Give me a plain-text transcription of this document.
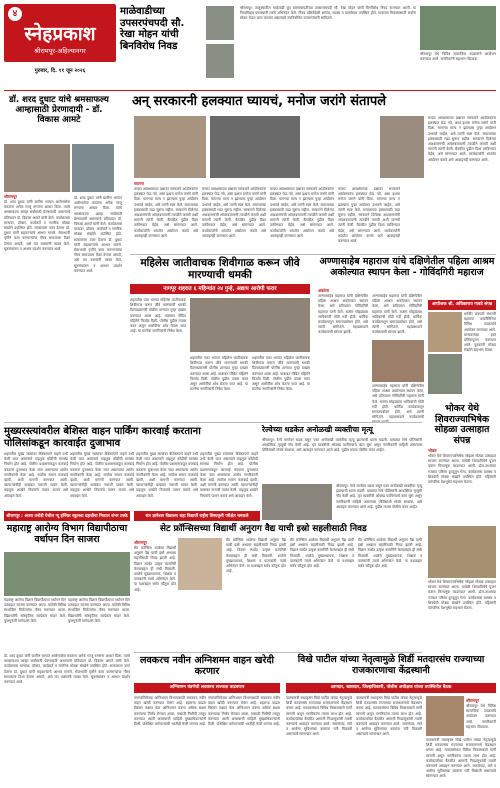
४
स्नेहप्रकाश
श्रीरामपूर-अहिल्यानगर
गुरुवार, दि. ११ जून २०२६
माळेवाडीच्या उपसरपंचपदी सौ. रेखा मोहन यांची बिनविरोध निवड
श्रीरामपूर: तालुक्यातील माळेवाडी ग्रुप ग्रामपंचायतीच्या उपसरपंचपदी सौ. रेखा मोहन यांची बिनविरोध निवड करण्यात आली. या निवडीबद्दल ग्रामस्थांनी त्यांचे अभिनंदन केले. निवड प्रक्रियेवेळी सरपंच, सदस्य व ग्रामसेवक उपस्थित होते. गावाच्या विकासासाठी सर्वांना सोबत घेऊन काम करणार असल्याचे नवनिर्वाचित उपसरपंचांनी सांगितले.
श्रीरामपूर येथे विविध सामाजिक उपक्रमांचे आयोजन करण्यात आले. नागरिकांनी सहभाग नोंदवावा.
डॉ. शरद दुधाट यांचे श्रमसाफल्य आम्हासाठी प्रेरणादायी - डॉ. विकास आमटे
श्रीरामपूर
डॉ. शरद दुधाट यांनी ग्रामीण भागात आरोग्यसेवा करताना अनेक गरजू रुग्णांना आधार दिला. त्यांचे श्रमसाफल्य आम्हा सर्वांसाठी प्रेरणादायी असल्याचे प्रतिपादन डॉ. विकास आमटे यांनी केले. कार्यक्रमास मान्यवर, डॉक्टर, कार्यकर्ते व नागरिक मोठ्या संख्येने उपस्थित होते. सत्काराला उत्तर देताना डॉ. दुधाट यांनी सहकाऱ्यांचे आभार मानले. सेवाभावी वृत्तीने काम करणाऱ्यांचा गौरव समाजाला दिशा देणारा असतो, असे मत वक्त्यांनी व्यक्त केले. सूत्रसंचालन व आभार प्रदर्शन करण्यात आले.
डॉ. शरद दुधाट यांनी ग्रामीण भागात आरोग्यसेवा करताना अनेक गरजू रुग्णांना आधार दिला. त्यांचे श्रमसाफल्य आम्हा सर्वांसाठी प्रेरणादायी असल्याचे प्रतिपादन डॉ. विकास आमटे यांनी केले. कार्यक्रमास मान्यवर, डॉक्टर, कार्यकर्ते व नागरिक मोठ्या संख्येने उपस्थित होते. सत्काराला उत्तर देताना डॉ. दुधाट यांनी सहकाऱ्यांचे आभार मानले. सेवाभावी वृत्तीने काम करणाऱ्यांचा गौरव समाजाला दिशा देणारा असतो, असे मत वक्त्यांनी व्यक्त केले. सूत्रसंचालन व आभार प्रदर्शन करण्यात आले.
अन् सरकारनी हलक्यात घ्यायचं, मनोज जरांगे संतापले
जालना
मराठा आरक्षणाच्या प्रश्नावर सरकारने आंदोलकांना हलक्यात घेऊ नये, असा इशारा मनोज जरांगे यांनी दिला. मागण्या मान्य न झाल्यास पुन्हा आंदोलन उभारले जाईल, असे त्यांनी स्पष्ट केले. समाजाच्या हक्कासाठी लढा सुरूच राहील. सरकारने दिलेल्या आश्वासनांची अंमलबजावणी तातडीने करावी अशी मागणी त्यांनी केली. बैठकीत पुढील दिशा ठरविण्यात येईल, असे सांगण्यात आले. कार्यकर्त्यांनी शांततेत आंदोलन करावे असे आवाहनही करण्यात आले.
मराठा आरक्षणाच्या प्रश्नावर सरकारने आंदोलकांना हलक्यात घेऊ नये, असा इशारा मनोज जरांगे यांनी दिला. मागण्या मान्य न झाल्यास पुन्हा आंदोलन उभारले जाईल, असे त्यांनी स्पष्ट केले. समाजाच्या हक्कासाठी लढा सुरूच राहील. सरकारने दिलेल्या आश्वासनांची अंमलबजावणी तातडीने करावी अशी मागणी त्यांनी केली. बैठकीत पुढील दिशा ठरविण्यात येईल, असे सांगण्यात आले. कार्यकर्त्यांनी शांततेत आंदोलन करावे असे आवाहनही करण्यात आले.
मराठा आरक्षणाच्या प्रश्नावर सरकारने आंदोलकांना हलक्यात घेऊ नये, असा इशारा मनोज जरांगे यांनी दिला. मागण्या मान्य न झाल्यास पुन्हा आंदोलन उभारले जाईल, असे त्यांनी स्पष्ट केले. समाजाच्या हक्कासाठी लढा सुरूच राहील. सरकारने दिलेल्या आश्वासनांची अंमलबजावणी तातडीने करावी अशी मागणी त्यांनी केली. बैठकीत पुढील दिशा ठरविण्यात येईल, असे सांगण्यात आले. कार्यकर्त्यांनी शांततेत आंदोलन करावे असे आवाहनही करण्यात आले.
मराठा आरक्षणाच्या प्रश्नावर सरकारने आंदोलकांना हलक्यात घेऊ नये, असा इशारा मनोज जरांगे यांनी दिला. मागण्या मान्य न झाल्यास पुन्हा आंदोलन उभारले जाईल, असे त्यांनी स्पष्ट केले. समाजाच्या हक्कासाठी लढा सुरूच राहील. सरकारने दिलेल्या आश्वासनांची अंमलबजावणी तातडीने करावी अशी मागणी त्यांनी केली. बैठकीत पुढील दिशा ठरविण्यात येईल, असे सांगण्यात आले. कार्यकर्त्यांनी शांततेत आंदोलन करावे असे आवाहनही करण्यात आले.
मराठा आरक्षणाच्या प्रश्नावर सरकारने आंदोलकांना हलक्यात घेऊ नये, असा इशारा मनोज जरांगे यांनी दिला. मागण्या मान्य न झाल्यास पुन्हा आंदोलन उभारले जाईल, असे त्यांनी स्पष्ट केले. समाजाच्या हक्कासाठी लढा सुरूच राहील. सरकारने दिलेल्या आश्वासनांची अंमलबजावणी तातडीने करावी अशी मागणी त्यांनी केली. बैठकीत पुढील दिशा ठरविण्यात येईल, असे सांगण्यात आले. कार्यकर्त्यांनी शांततेत आंदोलन करावे असे आवाहनही करण्यात आले.
महिलेस जातीवाचक शिवीगाळ करून जीवे मारण्याची धमकी
नागपूर शहरात ६ महिन्यांत २४ गुन्हे, अद्याप आरोपी फरार
शहरातील एका भागात महिलेस जातीवाचक शिवीगाळ करून जीवे मारण्याची धमकी दिल्याप्रकरणी पोलीस ठाण्यात गुन्हा दाखल करण्यात आला आहे. याबाबत पीडित महिलेने फिर्याद दिली. पोलीस पुढील तपास करत असून आरोपींचा शोध घेतला जात आहे. या घटनेचा नागरिकांनी निषेध केला.
शहरातील एका भागात महिलेस जातीवाचक शिवीगाळ करून जीवे मारण्याची धमकी दिल्याप्रकरणी पोलीस ठाण्यात गुन्हा दाखल करण्यात आला आहे. याबाबत पीडित महिलेने फिर्याद दिली. पोलीस पुढील तपास करत असून आरोपींचा शोध घेतला जात आहे. या घटनेचा नागरिकांनी निषेध केला.
शहरातील एका भागात महिलेस जातीवाचक शिवीगाळ करून जीवे मारण्याची धमकी दिल्याप्रकरणी पोलीस ठाण्यात गुन्हा दाखल करण्यात आला आहे. याबाबत पीडित महिलेने फिर्याद दिली. पोलीस पुढील तपास करत असून आरोपींचा शोध घेतला जात आहे. या घटनेचा नागरिकांनी निषेध केला.
अण्णासाहेब महाराज यांचे दक्षिणेतील पहिला आश्रम अकोल्यात स्थापन केला - गोविंदगिरी महाराज
अकोला
अण्णासाहेब महाराज यांनी दक्षिणेतील पहिला आश्रम अकोल्यात स्थापन केला, असे प्रतिपादन गोविंदगिरी महाराज यांनी केले. सत्संग सोहळ्यास भाविकांची मोठी गर्दी होती. धार्मिक कार्यक्रमातून समाजप्रबोधन होते, असे त्यांनी सांगितले. महाप्रसादाने कार्यक्रमाची सांगता झाली.
अण्णासाहेब महाराज यांनी दक्षिणेतील पहिला आश्रम अकोल्यात स्थापन केला, असे प्रतिपादन गोविंदगिरी महाराज यांनी केले. सत्संग सोहळ्यास भाविकांची मोठी गर्दी होती. धार्मिक कार्यक्रमातून समाजप्रबोधन होते, असे त्यांनी सांगितले. महाप्रसादाने कार्यक्रमाची सांगता झाली.
अण्णासाहेब महाराज यांनी दक्षिणेतील पहिला आश्रम अकोल्यात स्थापन केला, असे प्रतिपादन गोविंदगिरी महाराज यांनी केले. सत्संग सोहळ्यास भाविकांची मोठी गर्दी होती. धार्मिक कार्यक्रमातून समाजप्रबोधन होते, असे त्यांनी सांगितले. महाप्रसादाने कार्यक्रमाची
आयोजक श्री. अधिकाराय गावडे संपन्न
धर्मवीर छत्रपती संभाजी महाराज जयंतीनिमित्त विविध उपक्रमांचे आयोजन करण्यात आले. मान्यवरांच्या हस्ते प्रतिमापूजन करण्यात आले. युवकांनी मोठ्या संख्येने सहभाग घेतला.
भोकर येथे शिवराज्याभिषेक सोहळा उत्साहात संपन्न
भोकर
भोकर येथे शिवराज्याभिषेक सोहळा मोठ्या उत्साहात साजरा करण्यात आला. यावेळी शिवप्रतिमेचे पूजन करून मिरवणूक काढण्यात आली. ढोल-ताशांच्या गजरात परिसर दुमदुमून गेला. कार्यक्रमास ग्रामस्थ व शिवप्रेमी मोठ्या संख्येने उपस्थित होते. महिलांनी पारंपरिक वेशभूषेत सहभाग घेतला.
भोकर येथे शिवराज्याभिषेक सोहळा मोठ्या उत्साहात साजरा करण्यात आला. यावेळी शिवप्रतिमेचे पूजन करून मिरवणूक काढण्यात आली. ढोल-ताशांच्या गजरात परिसर दुमदुमून गेला. कार्यक्रमास ग्रामस्थ व शिवप्रेमी मोठ्या संख्येने उपस्थित होते. महिलांनी पारंपरिक वेशभूषेत सहभाग घेतला.
मुख्यरस्त्यांवरील बेशिस्त वाहन पार्किंग कारवाई करताना पोलिसांकडून कारवाईत दुजाभाव
शहरातील मुख्य रस्त्यांवर बेशिस्तपणे वाहने उभी केली जात असल्याने वाहतूक कोंडीची समस्या निर्माण होत आहे. पोलीस प्रशासनाकडून कारवाई करताना दुजाभाव केला जात असल्याचा आरोप नागरिकांनी केला आहे. सर्वांवर समान कारवाई व्हावी, अशी मागणी करण्यात आली. व्यापाऱ्यांनीही याबाबत नाराजी व्यक्त केली. वाहतूक शाखेने नियमांचे पालन करावे असे आवाहन केले.
शहरातील मुख्य रस्त्यांवर बेशिस्तपणे वाहने उभी केली जात असल्याने वाहतूक कोंडीची समस्या निर्माण होत आहे. पोलीस प्रशासनाकडून कारवाई करताना दुजाभाव केला जात असल्याचा आरोप नागरिकांनी केला आहे. सर्वांवर समान कारवाई व्हावी, अशी मागणी करण्यात आली. व्यापाऱ्यांनीही याबाबत नाराजी व्यक्त केली. वाहतूक शाखेने नियमांचे पालन करावे असे आवाहन केले.
शहरातील मुख्य रस्त्यांवर बेशिस्तपणे वाहने उभी केली जात असल्याने वाहतूक कोंडीची समस्या निर्माण होत आहे. पोलीस प्रशासनाकडून कारवाई करताना दुजाभाव केला जात असल्याचा आरोप नागरिकांनी केला आहे. सर्वांवर समान कारवाई व्हावी, अशी मागणी करण्यात आली. व्यापाऱ्यांनीही याबाबत नाराजी व्यक्त केली. वाहतूक शाखेने नियमांचे पालन करावे असे आवाहन केले.
शहरातील मुख्य रस्त्यांवर बेशिस्तपणे वाहने उभी केली जात असल्याने वाहतूक कोंडीची समस्या निर्माण होत आहे. पोलीस प्रशासनाकडून कारवाई करताना दुजाभाव केला जात असल्याचा आरोप नागरिकांनी केला आहे. सर्वांवर समान कारवाई व्हावी, अशी मागणी करण्यात आली. व्यापाऱ्यांनीही याबाबत नाराजी व्यक्त केली. वाहतूक शाखेने नियमांचे पालन करावे असे आवाहन केले.
रेल्वेच्या धडकेत अनोळखी व्यक्तीचा मृत्यू
श्रीरामपूर: रेल्वे मार्गावर धडक बसून एका अनोळखी व्यक्तीचा मृत्यू झाल्याची घटना घडली. याबाबत रेल्वे पोलिसांनी आकस्मिक मृत्यूची नोंद केली आहे. मृत व्यक्तीची ओळख पटविण्याचे काम सुरू असून नागरिकांनी माहिती असल्यास पोलिसांशी संपर्क साधावा, असे आवाहन करण्यात आले आहे. पुढील तपास पोलीस करत आहेत.
श्रीरामपूर: रेल्वे मार्गावर धडक बसून एका अनोळखी व्यक्तीचा मृत्यू झाल्याची घटना घडली. याबाबत रेल्वे पोलिसांनी आकस्मिक मृत्यूची नोंद केली आहे. मृत व्यक्तीची ओळख पटविण्याचे काम सुरू असून नागरिकांनी माहिती असल्यास पोलिसांशी संपर्क साधावा, असे आवाहन करण्यात आले आहे. पुढील तपास पोलीस करत आहेत.
श्रीरामपूर : अजय वनोंडी येथील न्यू इंग्लिश स्कूलचा दहावीचा निकाल शंभर टक्के
महाराष्ट्र आरोग्य विभाग विद्यापीठाचा वर्धापन दिन साजरा
महाराष्ट्र आरोग्य विज्ञान विद्यापीठाचा वर्धापन दिन उत्साहात साजरा करण्यात आला. यावेळी विविध स्पर्धांतील विजेत्यांचा गौरव करण्यात आला. विद्यार्थ्यांनी सांस्कृतिक कार्यक्रम सादर केले. कुलगुरूंनी मार्गदर्शन केले.
महाराष्ट्र आरोग्य विज्ञान विद्यापीठाचा वर्धापन दिन उत्साहात साजरा करण्यात आला. यावेळी विविध स्पर्धांतील विजेत्यांचा गौरव करण्यात आला. विद्यार्थ्यांनी सांस्कृतिक कार्यक्रम सादर केले. कुलगुरूंनी मार्गदर्शन केले.
संत ज्ञानेश्वर विद्यालय सहा विद्यार्थी राष्ट्रीय शिष्यवृत्ती परीक्षेत चमकले
सेट फ्रॉन्सिसच्या विद्यार्थी अनुराग वैद्य याची इस्रो सहलीसाठी निवड
श्रीरामपूर
सेंट फ्रॉन्सिस शाळेचा विद्यार्थी अनुराग वैद्य याची इस्रो अभ्यास सहलीसाठी निवड झाली आहे. विज्ञान स्पर्धेत उत्कृष्ट कामगिरी केल्याबद्दल ही संधी मिळाली. शाळेचे मुख्याध्यापक, शिक्षक व पालकांनी त्याचे अभिनंदन केले. या यशाबद्दल सर्वत्र कौतुक होत आहे.
सेंट फ्रॉन्सिस शाळेचा विद्यार्थी अनुराग वैद्य याची इस्रो अभ्यास सहलीसाठी निवड झाली आहे. विज्ञान स्पर्धेत उत्कृष्ट कामगिरी केल्याबद्दल ही संधी मिळाली. शाळेचे मुख्याध्यापक, शिक्षक व पालकांनी त्याचे अभिनंदन केले. या यशाबद्दल सर्वत्र कौतुक होत आहे.
सेंट फ्रॉन्सिस शाळेचा विद्यार्थी अनुराग वैद्य याची इस्रो अभ्यास सहलीसाठी निवड झाली आहे. विज्ञान स्पर्धेत उत्कृष्ट कामगिरी केल्याबद्दल ही संधी मिळाली. शाळेचे मुख्याध्यापक, शिक्षक व पालकांनी त्याचे अभिनंदन केले. या यशाबद्दल सर्वत्र कौतुक होत आहे.
सेंट फ्रॉन्सिस शाळेचा विद्यार्थी अनुराग वैद्य याची इस्रो अभ्यास सहलीसाठी निवड झाली आहे. विज्ञान स्पर्धेत उत्कृष्ट कामगिरी केल्याबद्दल ही संधी मिळाली. शाळेचे मुख्याध्यापक, शिक्षक व पालकांनी त्याचे अभिनंदन केले. या यशाबद्दल सर्वत्र कौतुक होत आहे.
लवकरच नवीन अग्निशमन वाहन खरेदी करणार
अग्निशमन यंत्रणेची लवकरच सज्जता वाढवणार
नगरपालिकेच्या अग्निशमन विभागासाठी लवकरच नवीन वाहन खरेदी करण्यात येणार आहे. शहराचा वाढता विस्तार लक्षात घेता अग्निशमन यंत्रणा अधिक सक्षम करण्याचा निर्णय घेण्यात आला. यासाठी निधीची तरतूद करण्यात आली असल्याची माहिती मुख्याधिकाऱ्यांनी दिली. प्रशिक्षित कर्मचाऱ्यांची भरतीही केली जाणार आहे.
नगरपालिकेच्या अग्निशमन विभागासाठी लवकरच नवीन वाहन खरेदी करण्यात येणार आहे. शहराचा वाढता विस्तार लक्षात घेता अग्निशमन यंत्रणा अधिक सक्षम करण्याचा निर्णय घेण्यात आला. यासाठी निधीची तरतूद करण्यात आली असल्याची माहिती मुख्याधिकाऱ्यांनी दिली. प्रशिक्षित कर्मचाऱ्यांची भरतीही केली जाणार आहे.
विखे पाटील यांच्या नेतृत्वामुळे शिर्डी मतदारसंघ राज्याच्या राजकारणाचा केंद्रस्थानी
आमदार, खासदार, जिल्हाधिकारी, पोलीस अधीक्षक यांच्या उपस्थितीत बैठक
पालकमंत्री राधाकृष्ण विखे पाटील यांच्या नेतृत्वामुळे शिर्डी मतदारसंघ राज्याच्या राजकारणाचे केंद्रस्थान बनला आहे. मतदारसंघात विविध विकासकामे मार्गी लागली असून नागरिकांना त्याचा लाभ होत आहे. कार्यकर्त्यांच्या बैठकीत आगामी निवडणुकांची तयारी करण्याचे आवाहन करण्यात आले. जलसंपदा, रस्ते व आरोग्य सुविधांच्या कामांना गती मिळाली असल्याचे सांगण्यात आले.
पालकमंत्री राधाकृष्ण विखे पाटील यांच्या नेतृत्वामुळे शिर्डी मतदारसंघ राज्याच्या राजकारणाचे केंद्रस्थान बनला आहे. मतदारसंघात विविध विकासकामे मार्गी लागली असून नागरिकांना त्याचा लाभ होत आहे. कार्यकर्त्यांच्या बैठकीत आगामी निवडणुकांची तयारी करण्याचे आवाहन करण्यात आले. जलसंपदा, रस्ते व आरोग्य सुविधांच्या कामांना गती मिळाली असल्याचे सांगण्यात आले.
श्रीरामपूर
श्रीरामपूर येथे विविध सामाजिक उपक्रमांचे आयोजन करण्यात आले. नागरिकांनी सहभाग नोंदवावा.
पालकमंत्री राधाकृष्ण विखे पाटील यांच्या नेतृत्वामुळे शिर्डी मतदारसंघ राज्याच्या राजकारणाचे केंद्रस्थान बनला आहे. मतदारसंघात विविध विकासकामे मार्गी लागली असून नागरिकांना त्याचा लाभ होत आहे. कार्यकर्त्यांच्या बैठकीत आगामी निवडणुकांची तयारी करण्याचे आवाहन करण्यात आले. जलसंपदा, रस्ते व आरोग्य सुविधांच्या कामांना गती मिळाली असल्याचे सांगण्यात आले.
डॉ. शरद दुधाट यांनी ग्रामीण भागात आरोग्यसेवा करताना अनेक गरजू रुग्णांना आधार दिला. त्यांचे श्रमसाफल्य आम्हा सर्वांसाठी प्रेरणादायी असल्याचे प्रतिपादन डॉ. विकास आमटे यांनी केले. कार्यक्रमास मान्यवर, डॉक्टर, कार्यकर्ते व नागरिक मोठ्या संख्येने उपस्थित होते. सत्काराला उत्तर देताना डॉ. दुधाट यांनी सहकाऱ्यांचे आभार मानले. सेवाभावी वृत्तीने काम करणाऱ्यांचा गौरव समाजाला दिशा देणारा असतो, असे मत वक्त्यांनी व्यक्त केले. सूत्रसंचालन व आभार प्रदर्शन करण्यात आले.
